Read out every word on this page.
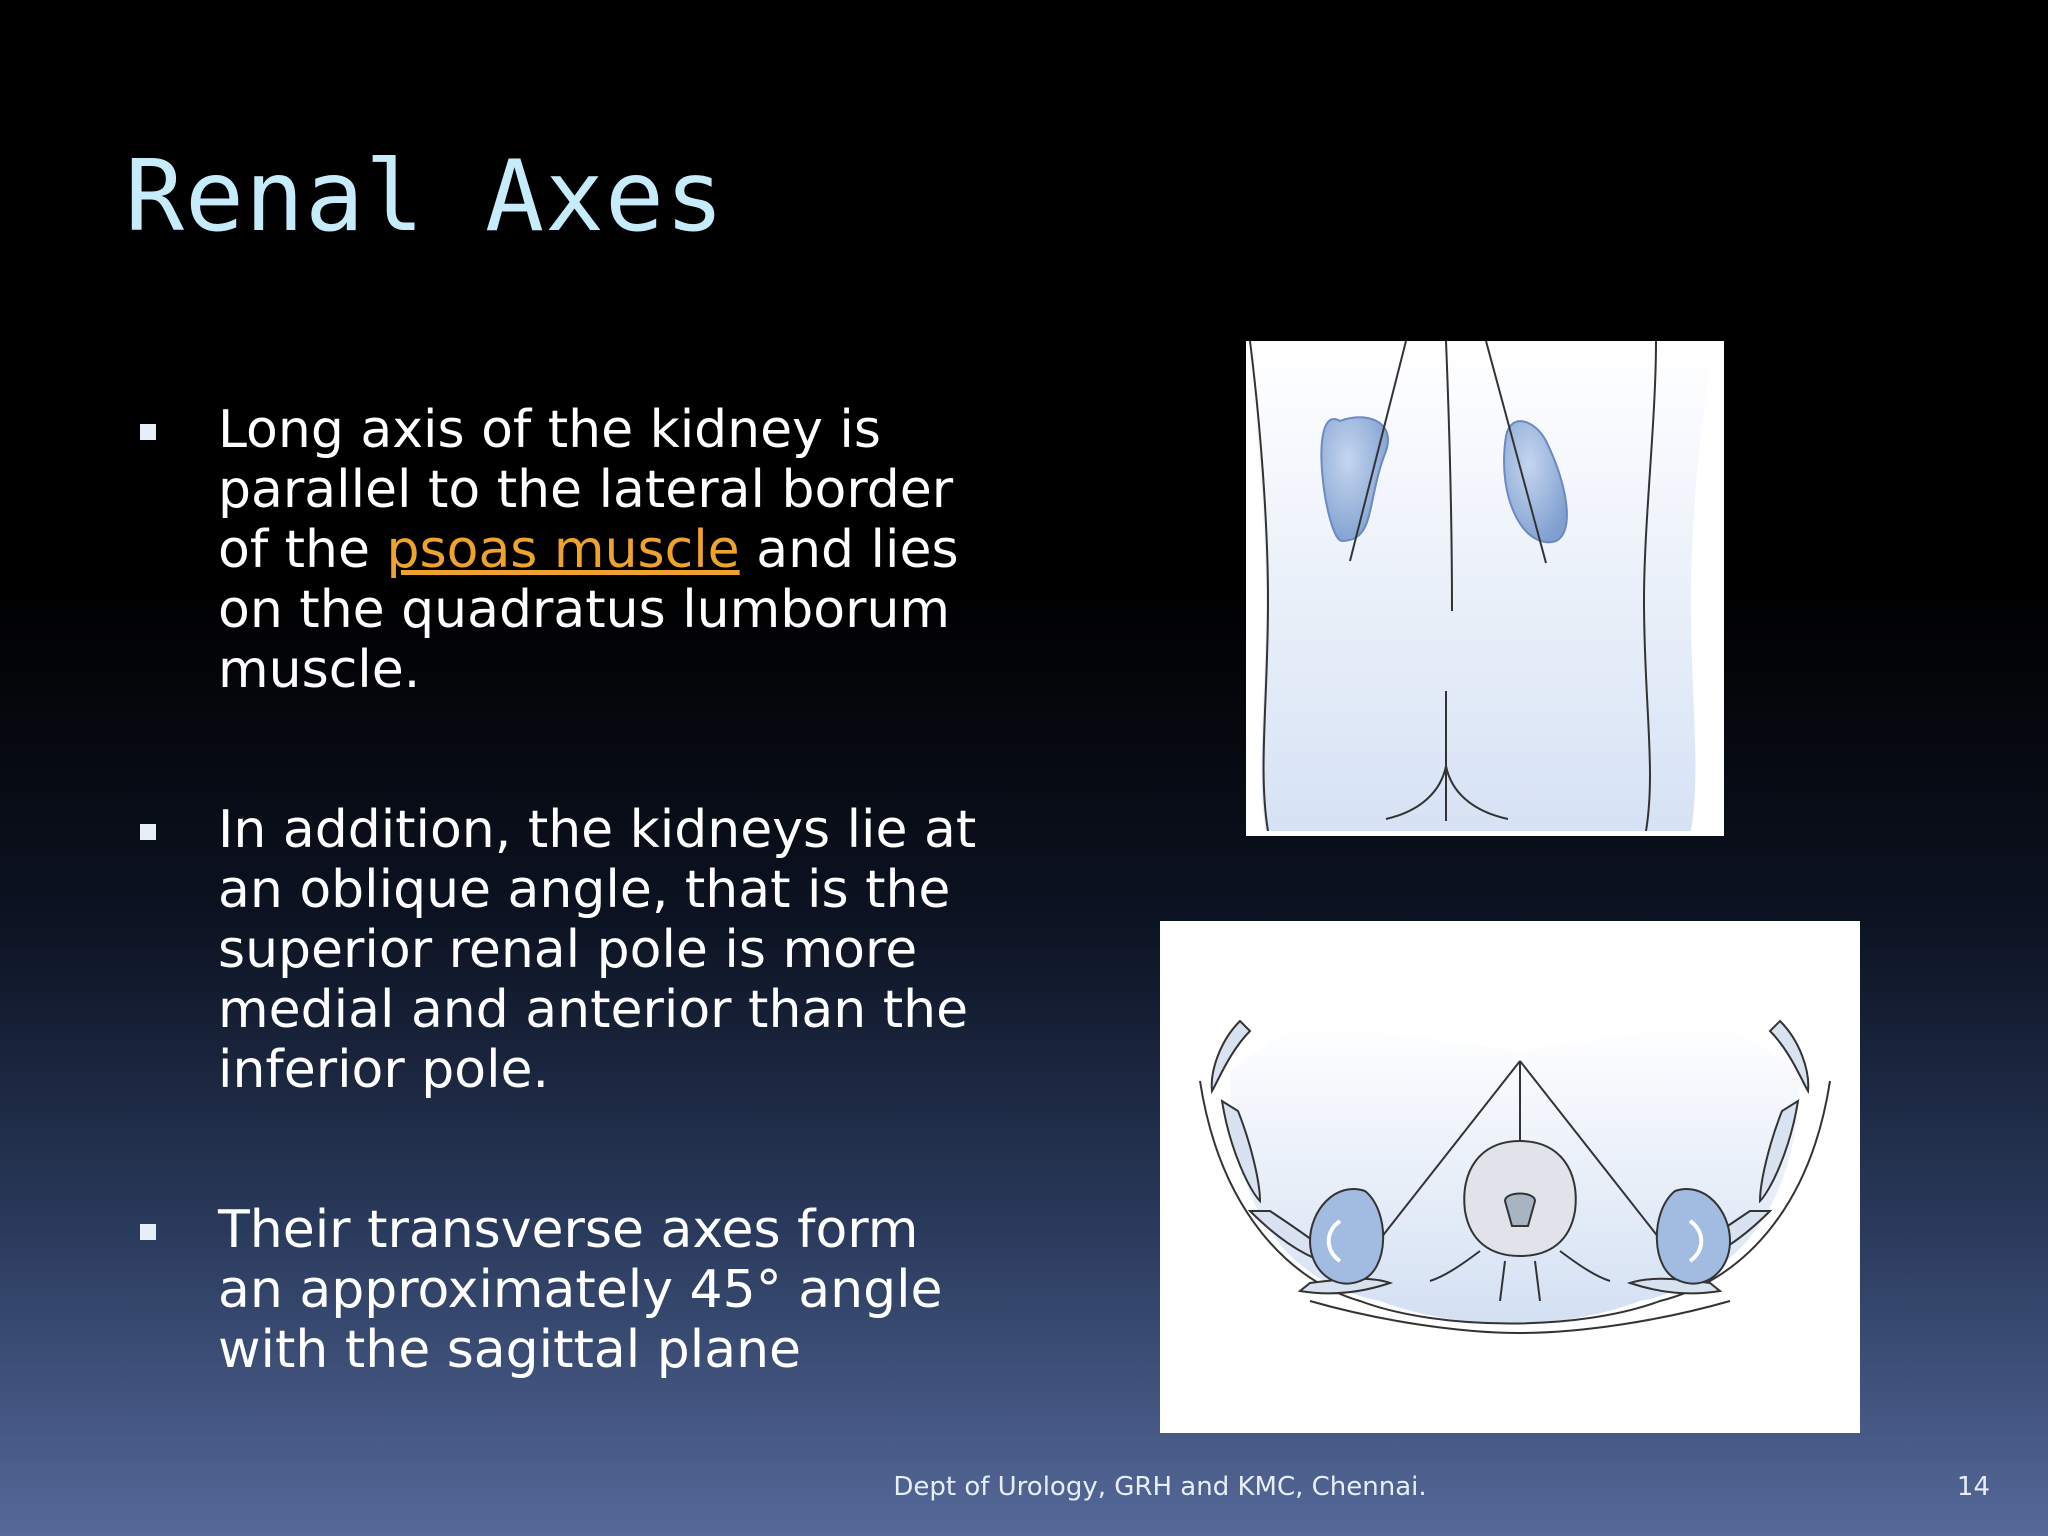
Renal Axes
Long axis of the kidney is parallel to the lateral border of the psoas muscle and lies on the quadratus lumborum muscle.
In addition, the kidneys lie at an oblique angle, that is the superior renal pole is more medial and anterior than the inferior pole.
Their transverse axes form an approximately 45° angle with the sagittal plane
Dept of Urology, GRH and KMC, Chennai.	14
